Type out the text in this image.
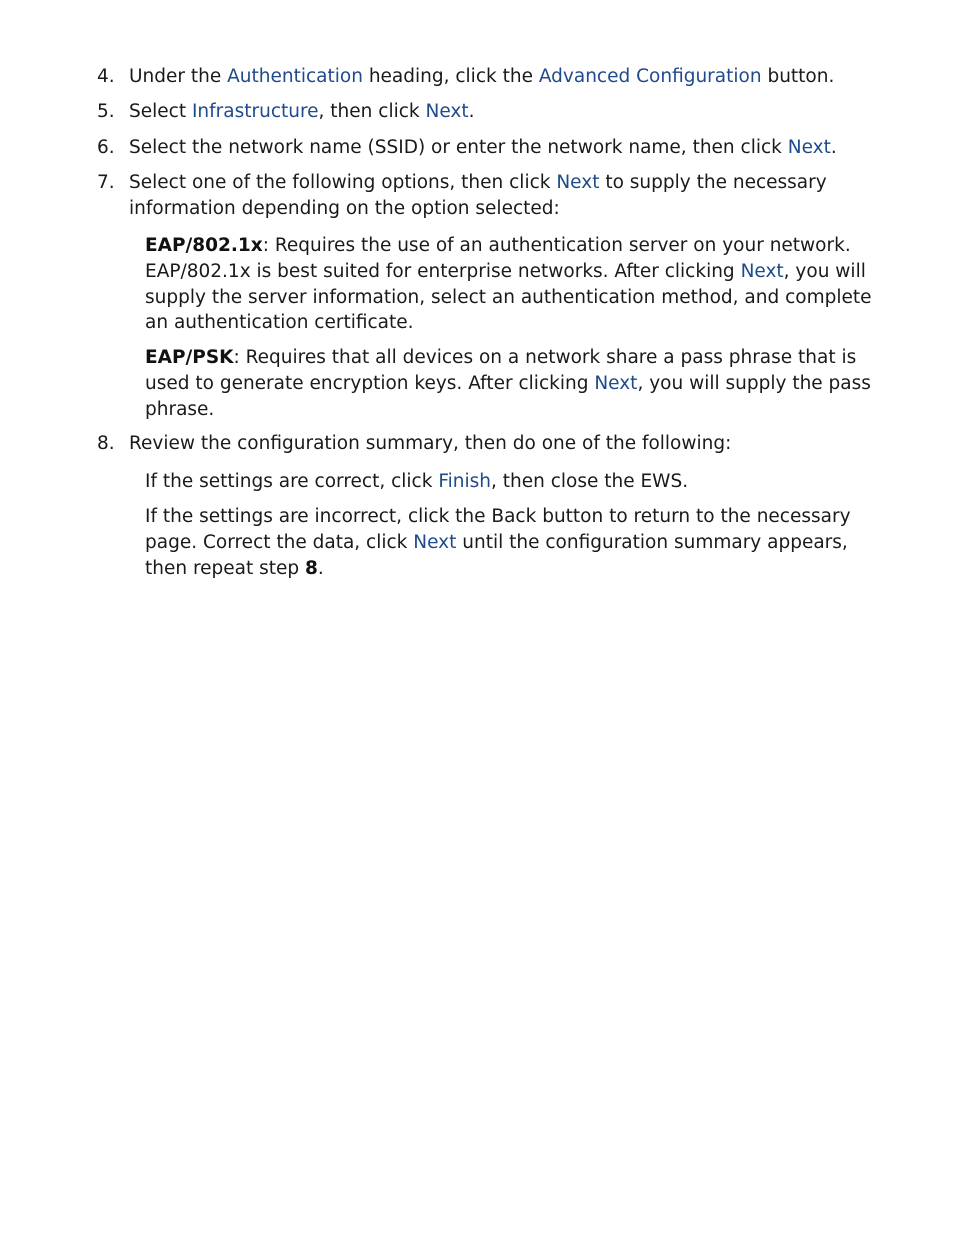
4. Under the Authentication heading, click the Advanced Configuration button.
5. Select Infrastructure, then click Next.
6. Select the network name (SSID) or enter the network name, then click Next.
7. Select one of the following options, then click Next to supply the necessary information depending on the option selected:
EAP/802.1x: Requires the use of an authentication server on your network. EAP/802.1x is best suited for enterprise networks. After clicking Next, you will supply the server information, select an authentication method, and complete an authentication certificate.
EAP/PSK: Requires that all devices on a network share a pass phrase that is used to generate encryption keys. After clicking Next, you will supply the pass phrase.
8. Review the configuration summary, then do one of the following:
If the settings are correct, click Finish, then close the EWS.
If the settings are incorrect, click the Back button to return to the necessary page. Correct the data, click Next until the configuration summary appears, then repeat step 8.
